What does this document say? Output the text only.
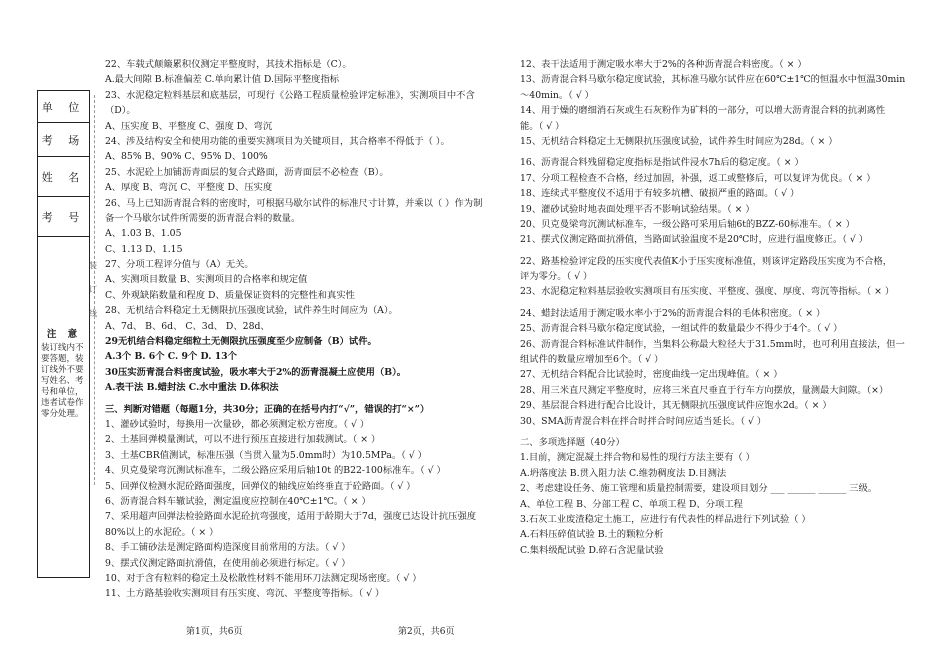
单 位
考 场
姓 名
考 号
注 意
装订线内不要答题，装订线外不要写姓名、考号和单位，违者试卷作零分处理。
装
订
线
22、车载式颠簸累积仪测定平整度时，其技术指标是（C）。
A.最大间隙 B.标准偏差 C.单向累计值 D.国际平整度指标
23、水泥稳定粒料基层和底基层，可现行《公路工程质量检验评定标准》，实测项目中不含
（D）。
A、压实度 B、平整度 C、强度 D、弯沉
24、涉及结构安全和使用功能的重要实测项目为关键项目，其合格率不得低于（ ）。
A、85% B、90% C、95% D、100%
25、水泥砼上加铺沥青面层的复合式路面，沥青面层不必检查（B）。
A、厚度 B、弯沉 C、平整度 D、压实度
26、马上已知沥青混合料的密度时，可根据马歇尔试件的标准尺寸计算，并乘以（ ）作为制
备一个马歇尔试件所需要的沥青混合料的数量。
A、1.03 B、1.05
C、1.13 D、1.15
27、分项工程评分值与（A）无关。
A、实测项目数量 B、实测项目的合格率和规定值
C、外观缺陷数量和程度 D、质量保证资料的完整性和真实性
28、无机结合料稳定土无侧限抗压强度试验，试件养生时间应为（A）。
A、7d、 B、6d、 C、3d、 D、28d、
29无机结合料稳定细粒土无侧限抗压强度至少应制备（B）试件。
A.3个 B. 6个 C. 9个 D. 13个
30压实沥青混合料密度试验，吸水率大于2%的沥青混凝土应使用（B）。
A.表干法 B.蜡封法 C.水中重法 D.体积法
三、判断对错题（每题1分，共30分；正确的在括号内打“√”，错误的打“×”）
1、灌砂试验时，每换用一次量砂，都必须测定松方密度。（ √ ）
2、土基回弹模量测试，可以不进行预压直接进行加载测试。（ × ）
3、土基CBR值测试，标准压强（当贯入量为5.0mm时）为10.5MPa。（ √ ）
4、贝克曼梁弯沉测试标准车，二级公路应采用后轴10t 的B22-100标准车。（ √ ）
5、回弹仪检测水泥砼路面强度，回弹仪的轴线应始终垂直于砼路面。（ √ ）
6、沥青混合料车辙试验，测定温度应控制在40℃±1℃。（ × ）
7、采用超声回弹法检验路面水泥砼抗弯强度，适用于龄期大于7d，强度已达设计抗压强度
80%以上的水泥砼。（ × ）
8、手工铺砂法是测定路面构造深度目前常用的方法。（ √ ）
9、摆式仪测定路面抗滑值，在使用前必须进行标定。（ √ ）
10、对于含有粒料的稳定土及松散性材料不能用环刀法测定现场密度。（ √ ）
11、土方路基验收实测项目有压实度、弯沉、平整度等指标。（ √ ）
12、表干法适用于测定吸水率大于2%的各种沥青混合料密度。（ × ）
13、沥青混合料马歇尔稳定度试验，其标准马歇尔试件应在60℃±1℃的恒温水中恒温30min
～40min。（ √ ）
14、用于燥的磨细消石灰或生石灰粉作为矿料的一部分，可以增大沥青混合料的抗剥离性
能。（ √ ）
15、无机结合料稳定土无侧限抗压强度试验，试件养生时间应为28d。（ × ）
16、沥青混合料残留稳定度指标是指试件浸水7h后的稳定度。（ × ）
17、分项工程检查不合格，经过加固，补强，返工或整修后，可以复评为优良。（ × ）
18、连续式平整度仪不适用于有较多坑槽、破损严重的路面。（ √ ）
19、灌砂试验时地表面处理平否不影响试验结果。（ × ）
20、贝克曼梁弯沉测试标准车，一级公路可采用后轴6t的BZZ-60标准车。（ × ）
21、摆式仪测定路面抗滑值，当路面试验温度不是20℃时，应进行温度修正。（ √ ）
22、路基检验评定段的压实度代表值K小于压实度标准值，则该评定路段压实度为不合格，
评为零分。（ √ ）
23、水泥稳定粒料基层验收实测项目有压实度、平整度、强度、厚度、弯沉等指标。（ × ）
24、蜡封法适用于测定吸水率小于2%的沥青混合料的毛体积密度。（ × ）
25、沥青混合料马歇尔稳定度试验，一组试件的数量最少不得少于4个。（ √ ）
26、沥青混合料标准试件制作，当集料公称最大粒径大于31.5mm时，也可利用直接法，但一
组试件的数量应增加至6个。（ √ ）
27、无机结合料配合比试验时，密度曲线一定出现峰值。（ × ）
28、用三米直尺测定平整度时，应将三米直尺垂直于行车方向摆放，量测最大间隙。（×）
29、基层混合料进行配合比设计，其无侧限抗压强度试件应饱水2d。（ × ）
30、SMA沥青混合料在拌合时拌合时间应适当延长。（ √ ）
二、多项选择题（40分）
1.目前，测定混凝土拌合物和易性的现行方法主要有（ ）
A.坍落度法 B.贯入阻力法 C.维勃稠度法 D.目测法
2、考虑建设任务、施工管理和质量控制需要，建设项目划分 ___ ______ ______ 三级。
A、单位工程 B、分部工程 C、单项工程 D、分项工程
3.石灰工业废渣稳定土施工，应进行有代表性的样品进行下列试验（ ）
A.石料压碎值试验 B.土的颗粒分析
C.集料级配试验 D.碎石含泥量试验
第1页，共6页	第2页，共6页
